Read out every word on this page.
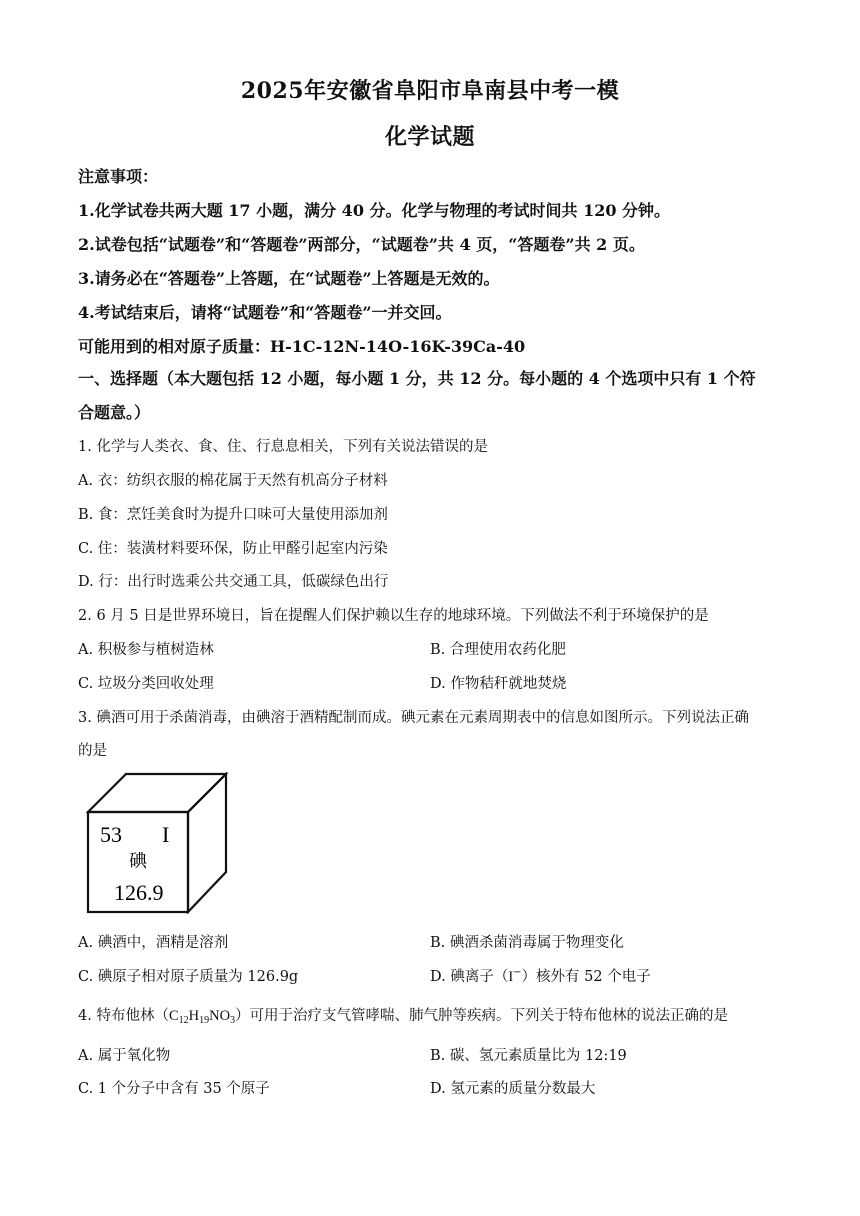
2025年安徽省阜阳市阜南县中考一模
化学试题
注意事项：
1.化学试卷共两大题 17 小题，满分 40 分。化学与物理的考试时间共 120 分钟。
2.试卷包括“试题卷”和“答题卷”两部分，“试题卷”共 4 页，“答题卷”共 2 页。
3.请务必在“答题卷”上答题，在“试题卷”上答题是无效的。
4.考试结束后，请将“试题卷”和“答题卷”一并交回。
可能用到的相对原子质量：H-1C-12N-14O-16K-39Ca-40
一、选择题（本大题包括 12 小题，每小题 1 分，共 12 分。每小题的 4 个选项中只有 1 个符
合题意。）
1. 化学与人类衣、食、住、行息息相关，下列有关说法错误的是
A. 衣：纺织衣服的棉花属于天然有机高分子材料
B. 食：烹饪美食时为提升口味可大量使用添加剂
C. 住：装潢材料要环保，防止甲醛引起室内污染
D. 行：出行时选乘公共交通工具，低碳绿色出行
2. 6 月 5 日是世界环境日，旨在提醒人们保护赖以生存的地球环境。下列做法不利于环境保护的是
A. 积极参与植树造林	B. 合理使用农药化肥
C. 垃圾分类回收处理	D. 作物秸秆就地焚烧
3. 碘酒可用于杀菌消毒，由碘溶于酒精配制而成。碘元素在元素周期表中的信息如图所示。下列说法正确
的是
53 I
碘
126.9
A. 碘酒中，酒精是溶剂	B. 碘酒杀菌消毒属于物理变化
C. 碘原子相对原子质量为 126.9g	D. 碘离子（I−）核外有 52 个电子
4. 特布他林$(C_{12}H_{19}NO_3)$可用于治疗支气管哮喘、肺气肿等疾病。下列关于特布他林的说法正确的是
A. 属于氧化物	B. 碳、氢元素质量比为 12:19
C. 1 个分子中含有 35 个原子	D. 氢元素的质量分数最大
